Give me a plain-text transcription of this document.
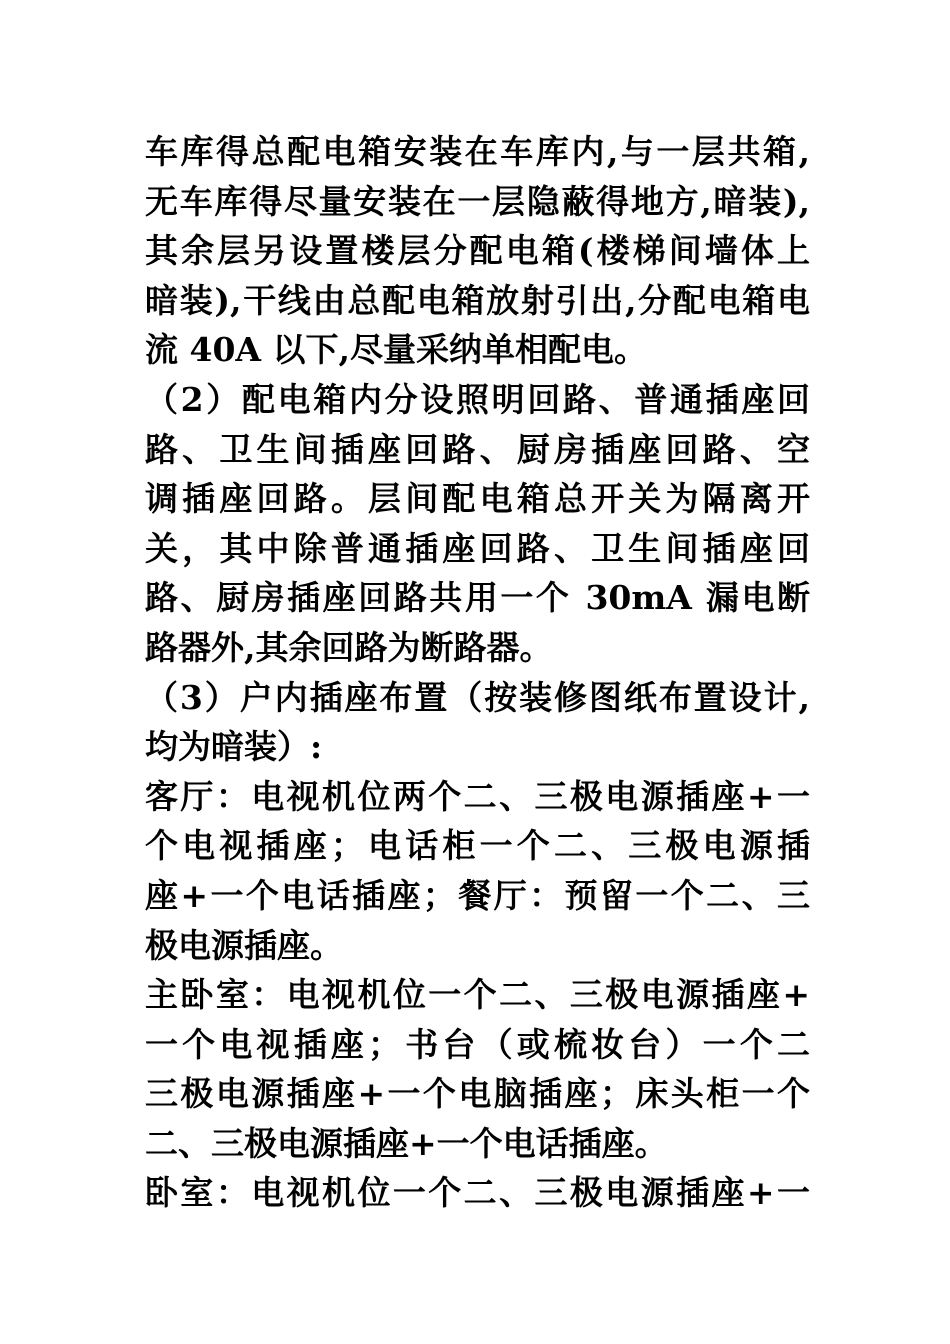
车库得总配电箱安装在车库内,与一层共箱,
无车库得尽量安装在一层隐蔽得地方,暗装),
其余层另设置楼层分配电箱(楼梯间墙体上
暗装),干线由总配电箱放射引出,分配电箱电
流 40A 以下,尽量采纳单相配电。
（2）配电箱内分设照明回路、普通插座回
路、卫生间插座回路、厨房插座回路、空
调插座回路。层间配电箱总开关为隔离开
关，其中除普通插座回路、卫生间插座回
路、厨房插座回路共用一个 30mA 漏电断
路器外,其余回路为断路器。
（3）户内插座布置（按装修图纸布置设计,
均为暗装）:
客厅：电视机位两个二、三极电源插座+一
个电视插座；电话柜一个二、三极电源插
座+一个电话插座；餐厅：预留一个二、三
极电源插座。
主卧室：电视机位一个二、三极电源插座+
一个电视插座；书台（或梳妆台）一个二
三极电源插座+一个电脑插座；床头柜一个
二、三极电源插座+一个电话插座。
卧室：电视机位一个二、三极电源插座+一
